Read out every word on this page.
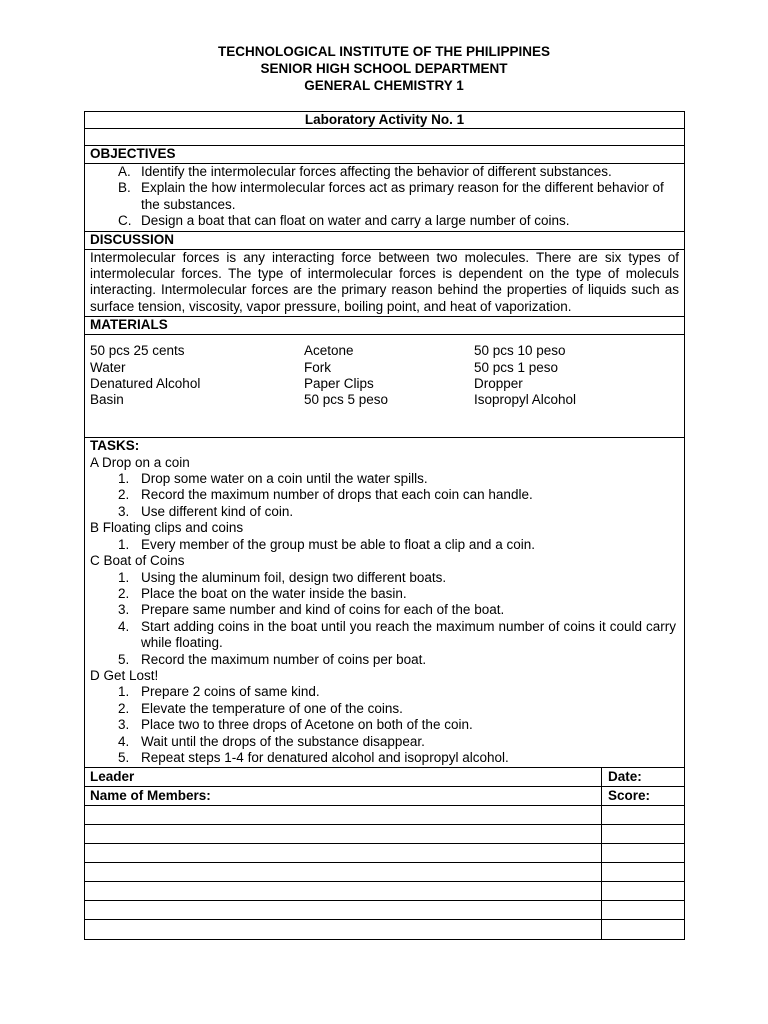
TECHNOLOGICAL INSTITUTE OF THE PHILIPPINES
SENIOR HIGH SCHOOL DEPARTMENT
GENERAL CHEMISTRY 1
Laboratory Activity No. 1
OBJECTIVES
A. Identify the intermolecular forces affecting the behavior of different substances.
B. Explain the how intermolecular forces act as primary reason for the different behavior of the substances.
C. Design a boat that can float on water and carry a large number of coins.
DISCUSSION
Intermolecular forces is any interacting force between two molecules. There are six types of intermolecular forces. The type of intermolecular forces is dependent on the type of moleculs interacting. Intermolecular forces are the primary reason behind the properties of liquids such as surface tension, viscosity, vapor pressure, boiling point, and heat of vaporization.
MATERIALS
50 pcs 25 cents
Water
Denatured Alcohol
Basin
Acetone
Fork
Paper Clips
50 pcs 5 peso
50 pcs 10 peso
50 pcs 1 peso
Dropper
Isopropyl Alcohol
TASKS:
A Drop on a coin
1. Drop some water on a coin until the water spills.
2. Record the maximum number of drops that each coin can handle.
3. Use different kind of coin.
B Floating clips and coins
1. Every member of the group must be able to float a clip and a coin.
C Boat of Coins
1. Using the aluminum foil, design two different boats.
2. Place the boat on the water inside the basin.
3. Prepare same number and kind of coins for each of the boat.
4. Start adding coins in the boat until you reach the maximum number of coins it could carry while floating.
5. Record the maximum number of coins per boat.
D Get Lost!
1. Prepare 2 coins of same kind.
2. Elevate the temperature of one of the coins.
3. Place two to three drops of Acetone on both of the coin.
4. Wait until the drops of the substance disappear.
5. Repeat steps 1-4 for denatured alcohol and isopropyl alcohol.
Leader	Date:
Name of Members:	Score:
